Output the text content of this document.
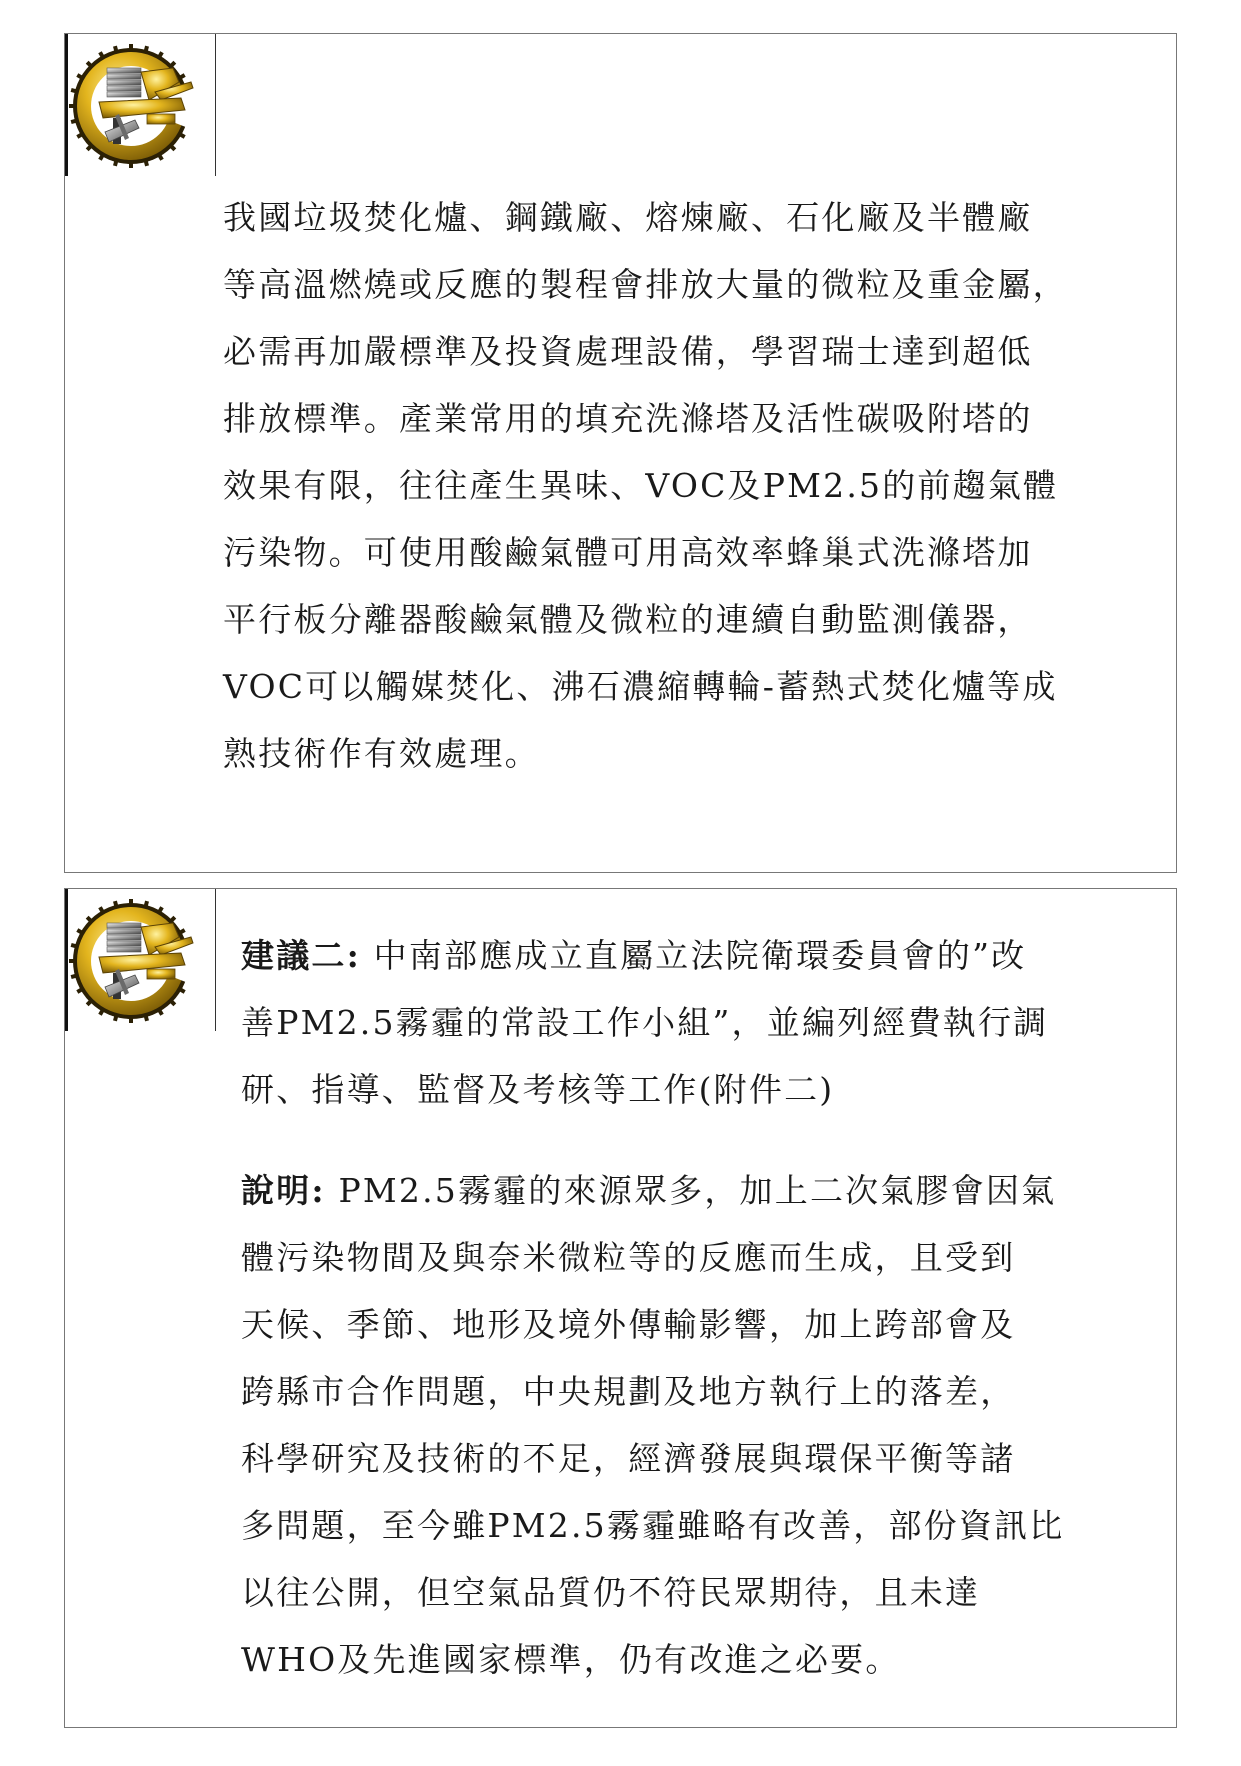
我國垃圾焚化爐、鋼鐵廠、熔煉廠、石化廠及半體廠
等高溫燃燒或反應的製程會排放大量的微粒及重金屬，
必需再加嚴標準及投資處理設備，學習瑞士達到超低
排放標準。產業常用的填充洗滌塔及活性碳吸附塔的
效果有限，往往產生異味、VOC及PM2.5的前趨氣體
污染物。可使用酸鹼氣體可用高效率蜂巢式洗滌塔加
平行板分離器酸鹼氣體及微粒的連續自動監測儀器，
VOC可以觸媒焚化、沸石濃縮轉輪-蓄熱式焚化爐等成
熟技術作有效處理。

建議二: 中南部應成立直屬立法院衛環委員會的”改
善PM2.5霧霾的常設工作小組”，並編列經費執行調
研、指導、監督及考核等工作(附件二)

說明: PM2.5霧霾的來源眾多，加上二次氣膠會因氣
體污染物間及與奈米微粒等的反應而生成，且受到
天候、季節、地形及境外傳輸影響，加上跨部會及
跨縣市合作問題，中央規劃及地方執行上的落差，
科學研究及技術的不足，經濟發展與環保平衡等諸
多問題，至今雖PM2.5霧霾雖略有改善，部份資訊比
以往公開，但空氣品質仍不符民眾期待，且未達
WHO及先進國家標準，仍有改進之必要。
